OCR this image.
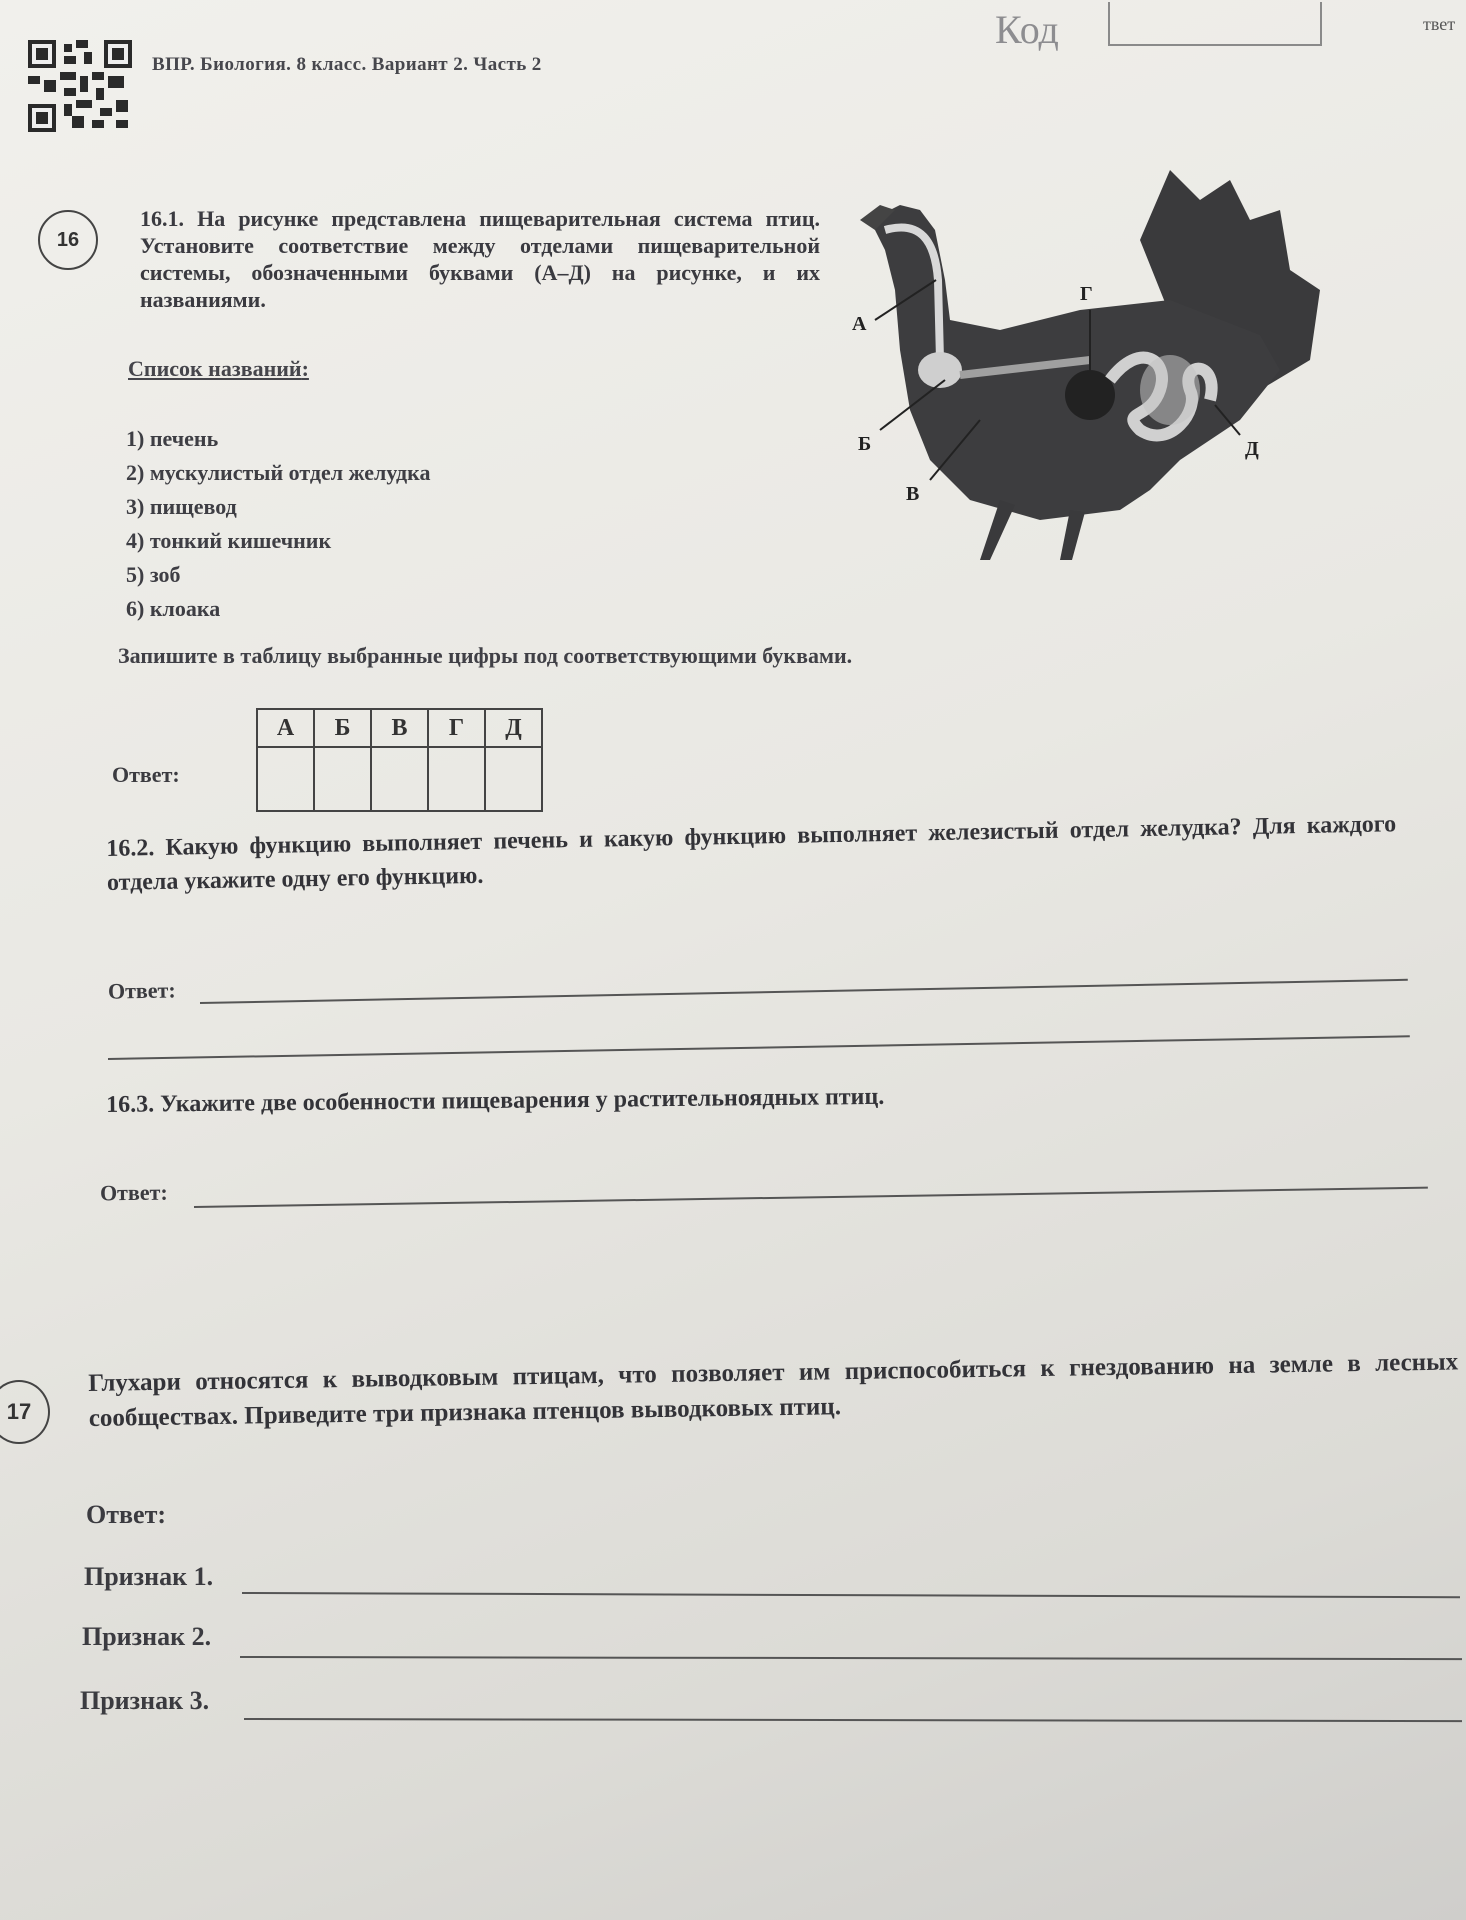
ВПР. Биология. 8 класс. Вариант 2. Часть 2
Код	твет
16
16.1. На рисунке представлена пищеварительная система птиц. Установите соответствие между отделами пищеварительной системы, обозначенными буквами (А–Д) на рисунке, и их названиями.
Список названий:
1) печень
2) мускулистый отдел желудка
3) пищевод
4) тонкий кишечник
5) зоб
6) клоака
А
Б
В
Г
Д
Запишите в таблицу выбранные цифры под соответствующими буквами.
Ответ:
А	Б	В	Г	Д

16.2. Какую функцию выполняет печень и какую функцию выполняет железистый отдел желудка? Для каждого отдела укажите одну его функцию.
Ответ:
16.3. Укажите две особенности пищеварения у растительноядных птиц.
Ответ:
17
Глухари относятся к выводковым птицам, что позволяет им приспособиться к гнездованию на земле в лесных сообществах. Приведите три признака птенцов выводковых птиц.
Ответ:
Признак 1.
Признак 2.
Признак 3.
